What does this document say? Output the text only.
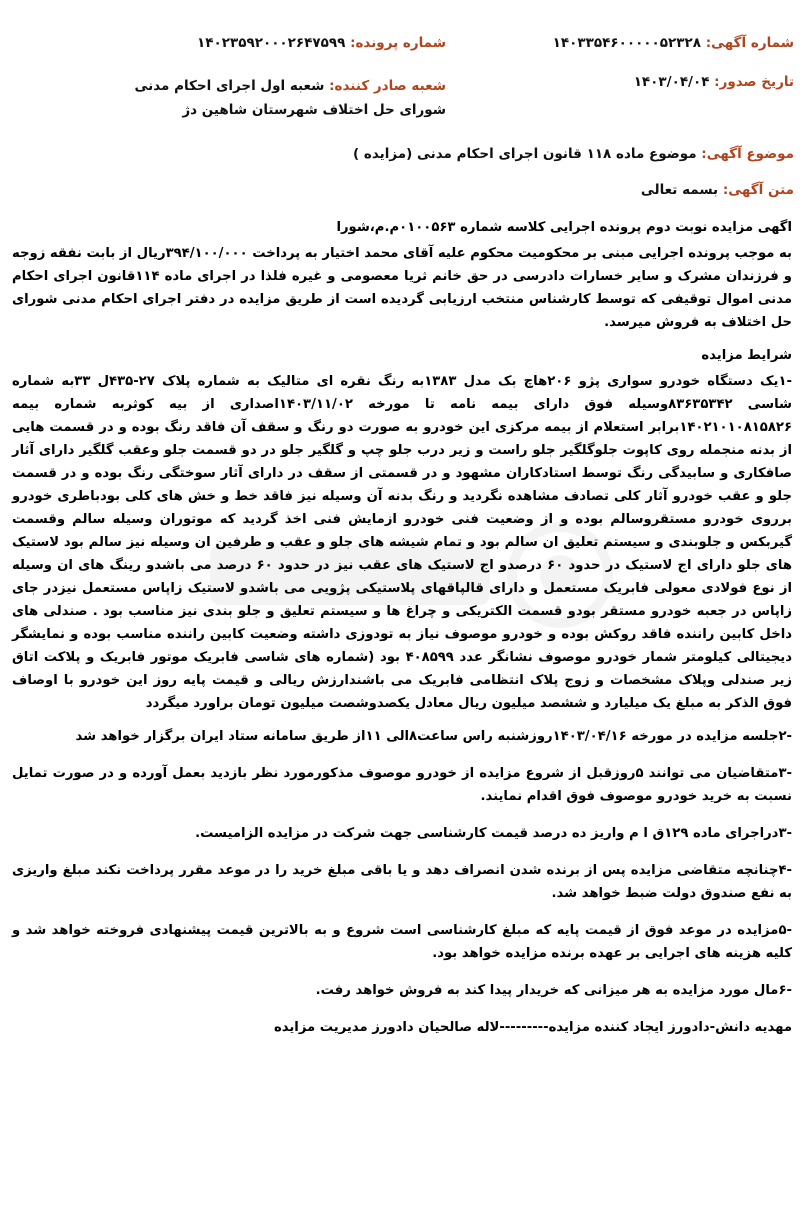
شماره آگهی: ۱۴۰۳۳۵۴۶۰۰۰۰۰۵۲۳۲۸
شماره پرونده: ۱۴۰۲۳۵۹۲۰۰۰۲۶۴۷۵۹۹
تاریخ صدور: ۱۴۰۳/۰۴/۰۴
شعبه صادر کننده: شعبه اول اجرای احکام مدنی شورای حل اختلاف شهرستان شاهین دژ
موضوع آگهی: موضوع ماده ۱۱۸ قانون اجرای احکام مدنی (مزایده )
متن آگهی: بسمه تعالی

اگهی مزایده نوبت دوم پرونده اجرایی کلاسه شماره ۰۱۰۰۵۶۳م.م،شورا

به موجب پرونده اجرایی مبنی بر محکومیت محکوم علیه آقای محمد اختیار به پرداخت ۳۹۴/۱۰۰/۰۰۰ریال از بابت نفقه زوجه و فرزندان مشرک و سایر خسارات دادرسی در حق خانم ثریا معصومی و غیره فلذا در اجرای ماده ۱۱۴قانون اجرای احکام مدنی اموال توقیفی که توسط کارشناس منتخب ارزیابی گردیده است از طریق مزایده در دفتر اجرای احکام مدنی شورای حل اختلاف به فروش میرسد.

شرایط مزایده

-۱یک دستگاه خودرو سواری پژو ۲۰۶هاچ بک مدل ۱۳۸۳به رنگ نقره ای متالیک به شماره پلاک ۲۷-۴۳۵ل ۳۳به شماره شاسی ۸۳۶۳۵۳۴۲وسیله فوق دارای بیمه نامه تا مورخه ۱۴۰۳/۱۱/۰۲اصداری از بیه کوثربه شماره بیمه ۱۴۰۲۱۰۱۰۸۱۵۸۲۶برابر استعلام از بیمه مرکزی این خودرو به صورت دو رنگ و سقف آن فاقد رنگ بوده و در قسمت هایی از بدنه منجمله روی کاپوت جلوگلگیر جلو راست و زیر درب جلو چپ و گلگیر جلو در دو قسمت جلو وعقب گلگیر دارای آثار صافکاری و سابیدگی رنگ توسط استادکاران مشهود و در قسمتی از سقف در دارای آثار سوختگی رنگ بوده و در قسمت جلو و عقب خودرو آثار کلی تصادف مشاهده نگردید و رنگ بدنه آن وسیله نیز فاقد خط و خش های کلی بودباطری خودرو برروی خودرو مستقروسالم بوده و از وضعیت فنی خودرو ازمایش فنی اخذ گردید که موتوران وسیله سالم وقسمت گیربکس و جلوبندی و سیستم تعلیق ان سالم بود و تمام شیشه های جلو و عقب و طرفین ان وسیله نیز سالم بود لاستیک های جلو دارای اج لاستیک در حدود ۶۰ درصدو اج لاستیک های عقب نیز در حدود ۶۰ درصد می باشدو رینگ های ان وسیله از نوع فولادی معولی فابریک مستعمل و دارای قالپاقهای پلاستیکی پژویی می باشدو لاستیک زاپاس مستعمل نیزدر جای زاپاس در جعبه خودرو مستقر بودو قسمت الکتریکی و چراغ ها و سیستم تعلیق و جلو بندی نیز مناسب بود . صندلی های داخل کابین راننده فاقد روکش بوده و خودرو موصوف نیاز به تودوزی داشته وضعیت کابین راننده مناسب بوده و نمایشگر دیجیتالی کیلومتر شمار خودرو موصوف نشانگر عدد ۴۰۸۵۹۹ بود (شماره های شاسی فابریک موتور فابریک و پلاکت اتاق زیر صندلی وپلاک مشخصات و زوج پلاک انتظامی فابریک می باشندارزش ریالی و قیمت پایه روز این خودرو با اوصاف فوق الذکر به مبلغ یک میلیارد و ششصد میلیون ریال معادل یکصدوشصت میلیون تومان براورد میگردد

-۲جلسه مزایده در مورخه ۱۴۰۳/۰۴/۱۶روزشنبه راس ساعت۸الی ۱۱از طریق سامانه ستاد ایران برگزار خواهد شد

-۳متقاضیان می توانند ۵روزقبل از شروع مزایده از خودرو موصوف مذکورمورد نظر بازدید بعمل آورده و در صورت تمایل نسبت به خرید خودرو موصوف فوق اقدام نمایند.

-۳دراجرای ماده ۱۲۹ق ا م واریز ده درصد قیمت کارشناسی جهت شرکت در مزایده الزامیست.

-۴چنانچه متقاضی مزایده پس از برنده شدن انصراف دهد و یا باقی مبلغ خرید را در موعد مقرر پرداخت نکند مبلغ واریزی به نفع صندوق دولت ضبط خواهد شد.

-۵مزایده در موعد فوق از قیمت پایه که مبلغ کارشناسی است شروع و به بالاترین قیمت پیشنهادی فروخته خواهد شد و کلیه هزینه های اجرایی بر عهده برنده مزایده خواهد بود.

-۶مال مورد مزایده به هر میزانی که خریدار پیدا کند به فروش خواهد رفت.

مهدیه دانش-دادورز ایجاد کننده مزایده---------لاله صالحیان دادورز مدیریت مزایده
